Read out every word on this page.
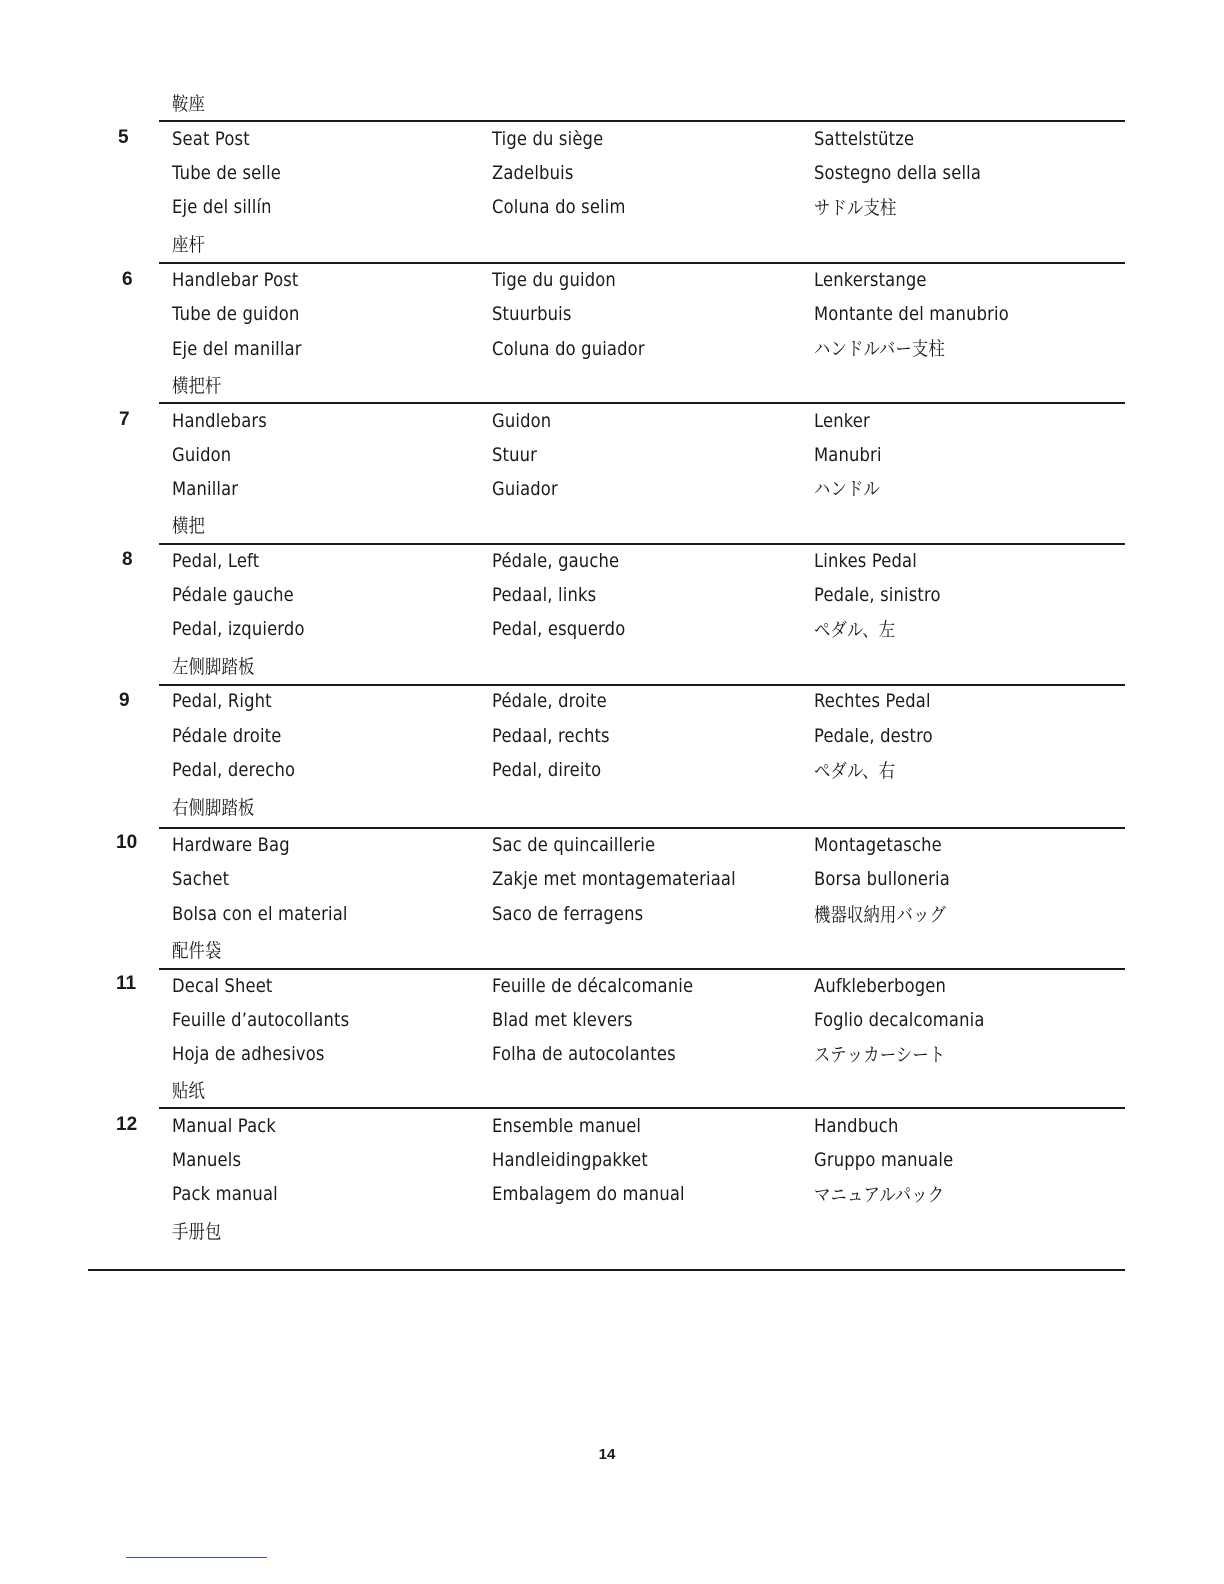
鞍座
5 Seat Post	Tige du siège	Sattelstütze
Tube de selle	Zadelbuis	Sostegno della sella
Eje del sillín	Coluna do selim	サドル支柱
座杆
6 Handlebar Post	Tige du guidon	Lenkerstange
Tube de guidon	Stuurbuis	Montante del manubrio
Eje del manillar	Coluna do guiador	ハンドルバー支柱
横把杆
7 Handlebars	Guidon	Lenker
Guidon	Stuur	Manubri
Manillar	Guiador	ハンドル
横把
8 Pedal, Left	Pédale, gauche	Linkes Pedal
Pédale gauche	Pedaal, links	Pedale, sinistro
Pedal, izquierdo	Pedal, esquerdo	ペダル、左
左侧脚踏板
9 Pedal, Right	Pédale, droite	Rechtes Pedal
Pédale droite	Pedaal, rechts	Pedale, destro
Pedal, derecho	Pedal, direito	ペダル、右
右侧脚踏板
10 Hardware Bag	Sac de quincaillerie	Montagetasche
Sachet	Zakje met montagemateriaal	Borsa bulloneria
Bolsa con el material	Saco de ferragens	機器収納用バッグ
配件袋
11 Decal Sheet	Feuille de décalcomanie	Aufkleberbogen
Feuille d’autocollants	Blad met klevers	Foglio decalcomania
Hoja de adhesivos	Folha de autocolantes	ステッカーシート
贴纸
12 Manual Pack	Ensemble manuel	Handbuch
Manuels	Handleidingpakket	Gruppo manuale
Pack manual	Embalagem do manual	マニュアルパック
手册包
14
